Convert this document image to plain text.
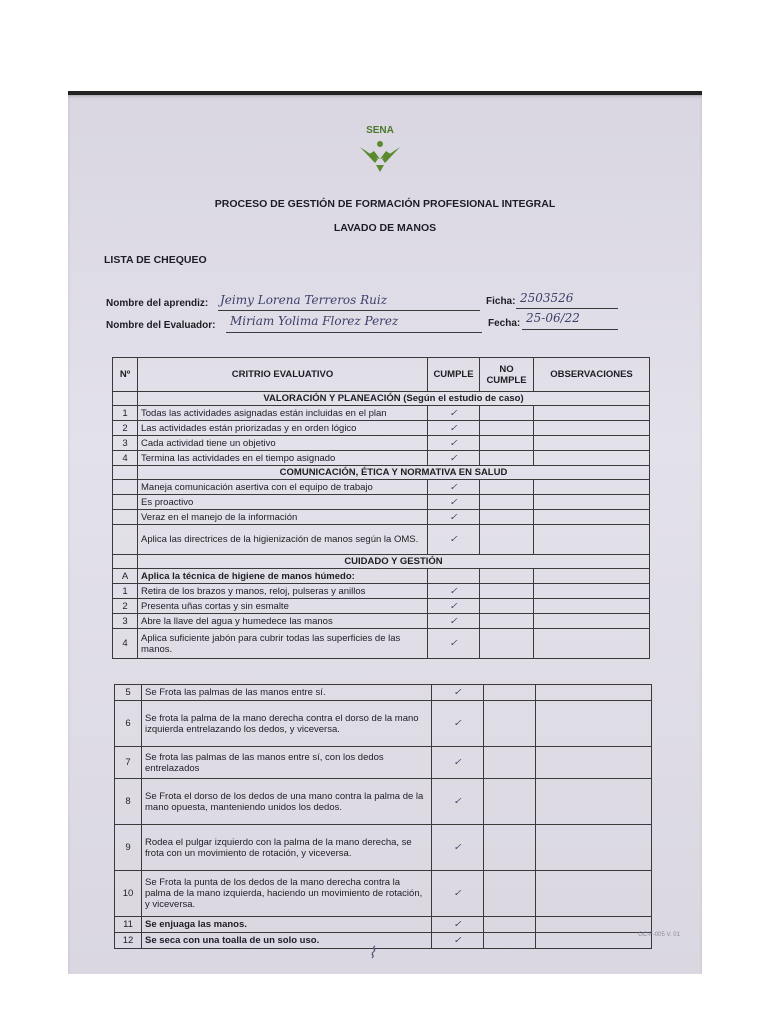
SENA
PROCESO DE GESTIÓN DE FORMACIÓN PROFESIONAL INTEGRAL
LAVADO DE MANOS
LISTA DE CHEQUEO
Nombre del aprendiz: Jeimy Lorena Terreros Ruiz	Ficha: 2503526
Nombre del Evaluador: Miriam Yolima Florez Perez	Fecha: 25-06/22
Nº	CRITRIO EVALUATIVO	CUMPLE	NO CUMPLE	OBSERVACIONES
	VALORACIÓN Y PLANEACIÓN (Según el estudio de caso)			
1	Todas las actividades asignadas están incluidas en el plan	✓		
2	Las actividades están priorizadas y en orden lógico	✓		
3	Cada actividad tiene un objetivo	✓		
4	Termina las actividades en el tiempo asignado	✓		
	COMUNICACIÓN, ÉTICA Y NORMATIVA EN SALUD			
	Maneja comunicación asertiva con el equipo de trabajo	✓		
	Es proactivo	✓		
	Veraz en el manejo de la información	✓		
	Aplica las directrices de la higienización de manos según la OMS.	✓		
	CUIDADO Y GESTIÓN			
A	Aplica la técnica de higiene de manos húmedo:			
1	Retira de los brazos y manos, reloj, pulseras y anillos	✓		
2	Presenta uñas cortas y sin esmalte	✓		
3	Abre la llave del agua y humedece las manos	✓		
4	Aplica suficiente jabón para cubrir todas las superficies de las manos.	✓		
5	Se Frota las palmas de las manos entre sí.	✓		
6	Se frota la palma de la mano derecha contra el dorso de la mano izquierda entrelazando los dedos, y viceversa.	✓		
7	Se frota las palmas de las manos entre sí, con los dedos entrelazados	✓		
8	Se Frota el dorso de los dedos de una mano contra la palma de la mano opuesta, manteniendo unidos los dedos.	✓		
9	Rodea el pulgar izquierdo con la palma de la mano derecha, se frota con un movimiento de rotación, y viceversa.	✓		
10	Se Frota la punta de los dedos de la mano derecha contra la palma de la mano izquierda, haciendo un movimiento de rotación, y viceversa.	✓		
11	Se enjuaga las manos.	✓		
12	Se seca con una toalla de un solo uso.	✓			GC-F-005 V. 01
⌇
